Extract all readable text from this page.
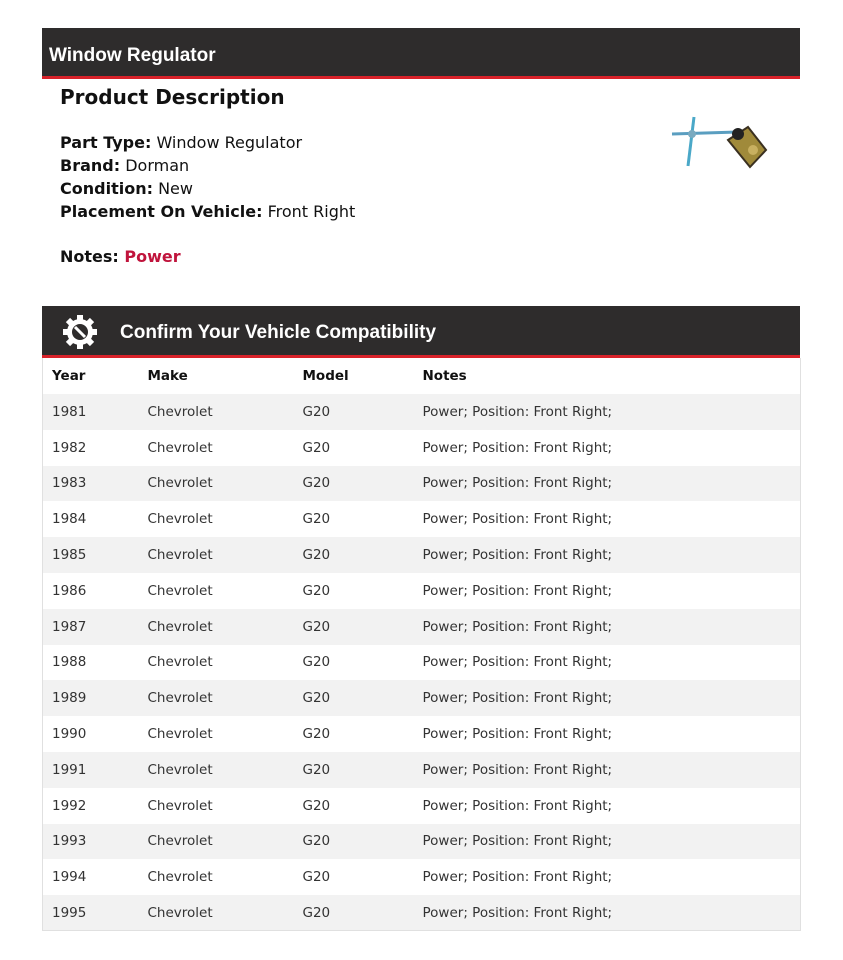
Window Regulator
Product Description
Part Type: Window Regulator
Brand: Dorman
Condition: New
Placement On Vehicle: Front Right
Notes: Power
Confirm Your Vehicle Compatibility
Year	Make	Model	Notes
1981	Chevrolet	G20	Power; Position: Front Right;
1982	Chevrolet	G20	Power; Position: Front Right;
1983	Chevrolet	G20	Power; Position: Front Right;
1984	Chevrolet	G20	Power; Position: Front Right;
1985	Chevrolet	G20	Power; Position: Front Right;
1986	Chevrolet	G20	Power; Position: Front Right;
1987	Chevrolet	G20	Power; Position: Front Right;
1988	Chevrolet	G20	Power; Position: Front Right;
1989	Chevrolet	G20	Power; Position: Front Right;
1990	Chevrolet	G20	Power; Position: Front Right;
1991	Chevrolet	G20	Power; Position: Front Right;
1992	Chevrolet	G20	Power; Position: Front Right;
1993	Chevrolet	G20	Power; Position: Front Right;
1994	Chevrolet	G20	Power; Position: Front Right;
1995	Chevrolet	G20	Power; Position: Front Right;
